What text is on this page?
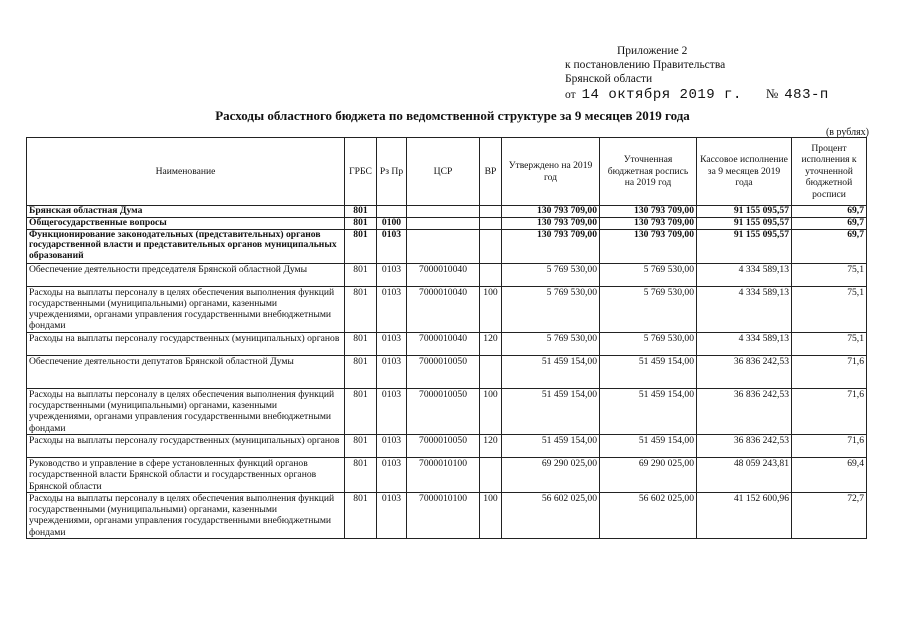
Приложение 2
к постановлению Правительства
Брянской области
от 14 октября 2019 г. № 483-п
Расходы областного бюджета по ведомственной структуре за 9 месяцев 2019 года
(в рублях)
Наименование	ГРБС	Рз Пр	ЦСР	ВР	Утверждено на 2019 год	Уточненная бюджетная роспись на 2019 год	Кассовое исполнение за 9 месяцев 2019 года	Процент исполнения к уточненной бюджетной росписи
Брянская областная Дума	801				130 793 709,00	130 793 709,00	91 155 095,57	69,7
Общегосударственные вопросы	801	0100			130 793 709,00	130 793 709,00	91 155 095,57	69,7
Функционирование законодательных (представительных) органов государственной власти и представительных органов муниципальных образований	801	0103			130 793 709,00	130 793 709,00	91 155 095,57	69,7
Обеспечение деятельности председателя Брянской областной Думы	801	0103	7000010040		5 769 530,00	5 769 530,00	4 334 589,13	75,1
Расходы на выплаты персоналу в целях обеспечения выполнения функций государственными (муниципальными) органами, казенными учреждениями, органами управления государственными внебюджетными фондами	801	0103	7000010040	100	5 769 530,00	5 769 530,00	4 334 589,13	75,1
Расходы на выплаты персоналу государственных (муниципальных) органов	801	0103	7000010040	120	5 769 530,00	5 769 530,00	4 334 589,13	75,1
Обеспечение деятельности депутатов Брянской областной Думы	801	0103	7000010050		51 459 154,00	51 459 154,00	36 836 242,53	71,6
Расходы на выплаты персоналу в целях обеспечения выполнения функций государственными (муниципальными) органами, казенными учреждениями, органами управления государственными внебюджетными фондами	801	0103	7000010050	100	51 459 154,00	51 459 154,00	36 836 242,53	71,6
Расходы на выплаты персоналу государственных (муниципальных) органов	801	0103	7000010050	120	51 459 154,00	51 459 154,00	36 836 242,53	71,6
Руководство и управление в сфере установленных функций органов государственной власти Брянской области и государственных органов Брянской области	801	0103	7000010100		69 290 025,00	69 290 025,00	48 059 243,81	69,4
Расходы на выплаты персоналу в целях обеспечения выполнения функций государственными (муниципальными) органами, казенными учреждениями, органами управления государственными внебюджетными фондами	801	0103	7000010100	100	56 602 025,00	56 602 025,00	41 152 600,96	72,7
